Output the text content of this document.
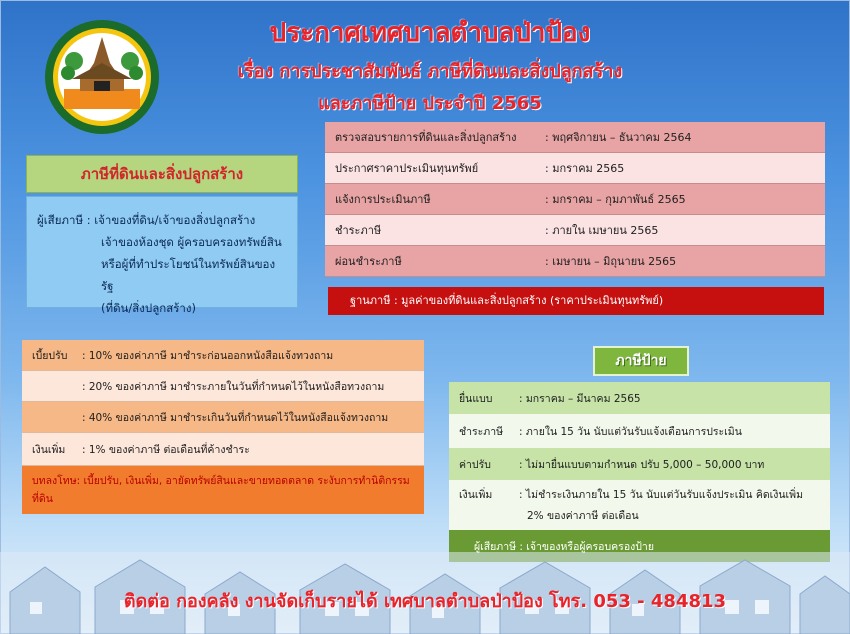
ประกาศเทศบาลตำบลป่าป้อง
เรื่อง การประชาสัมพันธ์ ภาษีที่ดินและสิ่งปลูกสร้าง
และภาษีป้าย ประจำปี 2565
ภาษีที่ดินและสิ่งปลูกสร้าง
ผู้เสียภาษี : เจ้าของที่ดิน/เจ้าของสิ่งปลูกสร้าง
เจ้าของห้องชุด ผู้ครอบครองทรัพย์สิน
หรือผู้ที่ทำประโยชน์ในทรัพย์สินของรัฐ
(ที่ดิน/สิ่งปลูกสร้าง)
ตรวจสอบรายการที่ดินและสิ่งปลูกสร้าง	: พฤศจิกายน – ธันวาคม 2564
ประกาศราคาประเมินทุนทรัพย์	: มกราคม 2565
แจ้งการประเมินภาษี	: มกราคม – กุมภาพันธ์ 2565
ชำระภาษี	: ภายใน เมษายน 2565
ผ่อนชำระภาษี	: เมษายน – มิถุนายน 2565
ฐานภาษี : มูลค่าของที่ดินและสิ่งปลูกสร้าง (ราคาประเมินทุนทรัพย์)
เบี้ยปรับ	: 10% ของค่าภาษี มาชำระก่อนออกหนังสือแจ้งทวงถาม
: 20% ของค่าภาษี มาชำระภายในวันที่กำหนดไว้ในหนังสือทวงถาม
: 40% ของค่าภาษี มาชำระเกินวันที่กำหนดไว้ในหนังสือแจ้งทวงถาม
เงินเพิ่ม	: 1% ของค่าภาษี ต่อเดือนที่ค้างชำระ
บทลงโทษ: เบี้ยปรับ, เงินเพิ่ม, อายัดทรัพย์สินและขายทอดตลาด ระงับการทำนิติกรรมที่ดิน
ภาษีป้าย
ยื่นแบบ	: มกราคม – มีนาคม 2565
ชำระภาษี	: ภายใน 15 วัน นับแต่วันรับแจ้งเตือนการประเมิน
ค่าปรับ	: ไม่มายื่นแบบตามกำหนด ปรับ 5,000 – 50,000 บาท
เงินเพิ่ม	: ไม่ชำระเงินภายใน 15 วัน นับแต่วันรับแจ้งประเมิน คิดเงินเพิ่ม
2% ของค่าภาษี ต่อเดือน
ผู้เสียภาษี : เจ้าของหรือผู้ครอบครองป้าย
ติดต่อ กองคลัง งานจัดเก็บรายได้ เทศบาลตำบลป่าป้อง โทร. 053 - 484813
